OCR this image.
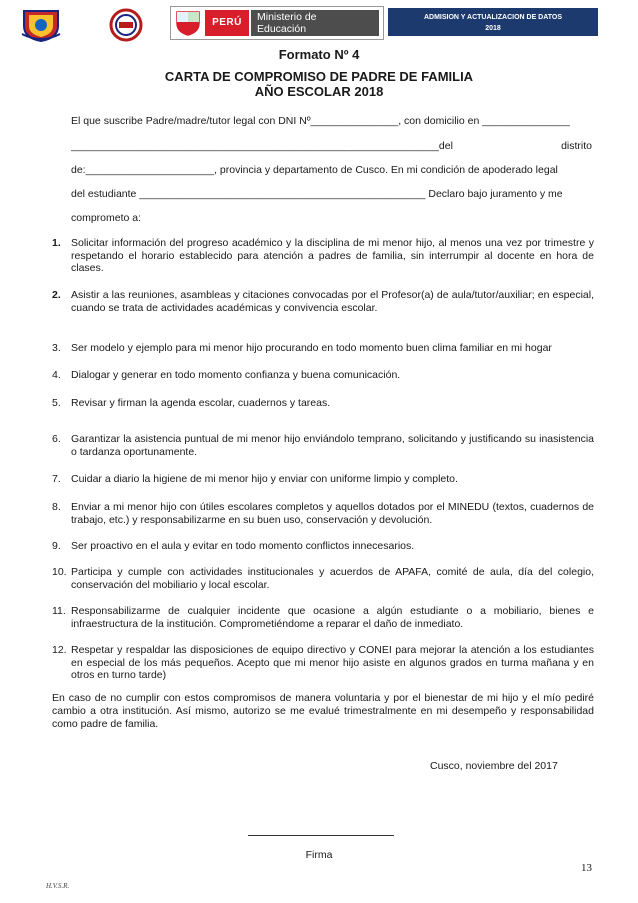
PERÚ	Ministerio de
Educación
ADMISION Y ACTUALIZACION DE DATOS
2018
Formato Nº 4
CARTA DE COMPROMISO DE PADRE DE FAMILIA
AÑO ESCOLAR 2018
El que suscribe Padre/madre/tutor legal con DNI Nº_______________, con domicilio en _______________
_______________________________________________________________del	distrito
de:______________________, provincia y departamento de Cusco. En mi condición de apoderado legal
del estudiante _________________________________________________ Declaro bajo juramento y me
comprometo a:
1. Solicitar información del progreso académico y la disciplina de mi menor hijo, al menos una vez por trimestre y respetando el horario establecido para atención a padres de familia, sin interrumpir al docente en hora de clases.
2. Asistir a las reuniones, asambleas y citaciones convocadas por el Profesor(a) de aula/tutor/auxiliar; en especial, cuando se trata de actividades académicas y convivencia escolar.
3. Ser modelo y ejemplo para mi menor hijo procurando en todo momento buen clima familiar en mi hogar
4. Dialogar y generar en todo momento confianza y buena comunicación.
5. Revisar y firman la agenda escolar, cuadernos y tareas.
6. Garantizar la asistencia puntual de mi menor hijo enviándolo temprano, solicitando y justificando su inasistencia o tardanza oportunamente.
7. Cuidar a diario la higiene de mi menor hijo y enviar con uniforme limpio y completo.
8. Enviar a mi menor hijo con útiles escolares completos y aquellos dotados por el MINEDU (textos, cuadernos de trabajo, etc.) y responsabilizarme en su buen uso, conservación y devolución.
9. Ser proactivo en el aula y evitar en todo momento conflictos innecesarios.
10. Participa y cumple con actividades institucionales y acuerdos de APAFA, comité de aula, día del colegio, conservación del mobiliario y local escolar.
11. Responsabilizarme de cualquier incidente que ocasione a algún estudiante o a mobiliario, bienes e infraestructura de la institución. Comprometiéndome a reparar el daño de inmediato.
12. Respetar y respaldar las disposiciones de equipo directivo y CONEI para mejorar la atención a los estudiantes en especial de los más pequeños. Acepto que mi menor hijo asiste en algunos grados en turma mañana y en otros en turno tarde)
En caso de no cumplir con estos compromisos de manera voluntaria y por el bienestar de mi hijo y el mío pediré cambio a otra institución. Así mismo, autorizo se me evalué trimestralmente en mi desempeño y responsabilidad como padre de familia.
Cusco, noviembre del 2017
Firma
13
H.V.S.R.
